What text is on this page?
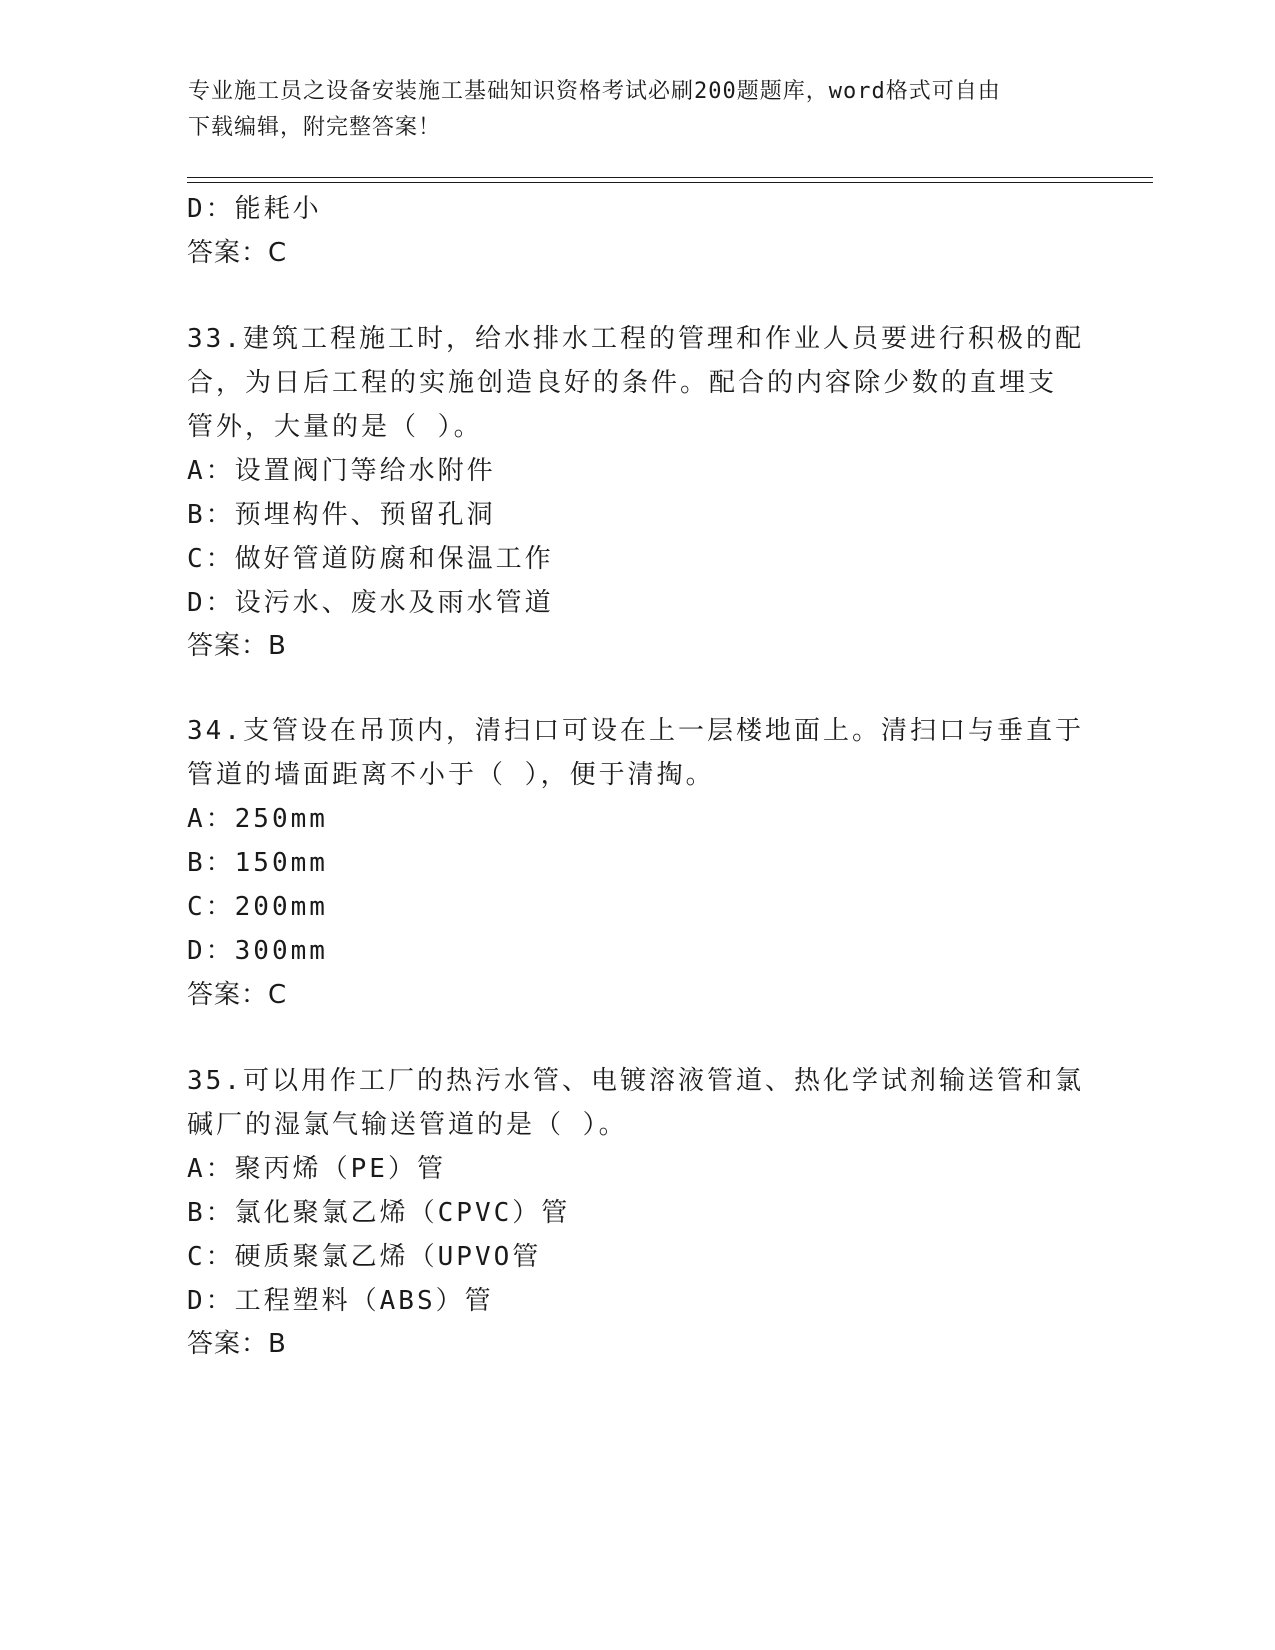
专业施工员之设备安装施工基础知识资格考试必刷200题题库，word格式可自由
下载编辑，附完整答案！
D：能耗小
答案：C
33.建筑工程施工时，给水排水工程的管理和作业人员要进行积极的配
合，为日后工程的实施创造良好的条件。配合的内容除少数的直埋支
管外，大量的是（ ）。
A：设置阀门等给水附件
B：预埋构件、预留孔洞
C：做好管道防腐和保温工作
D：设污水、废水及雨水管道
答案：B
34.支管设在吊顶内，清扫口可设在上一层楼地面上。清扫口与垂直于
管道的墙面距离不小于（ ），便于清掏。
A：250mm
B：150mm
C：200mm
D：300mm
答案：C
35.可以用作工厂的热污水管、电镀溶液管道、热化学试剂输送管和氯
碱厂的湿氯气输送管道的是（ ）。
A：聚丙烯（PE）管
B：氯化聚氯乙烯（CPVC）管
C：硬质聚氯乙烯（UPVO管
D：工程塑料（ABS）管
答案：B
